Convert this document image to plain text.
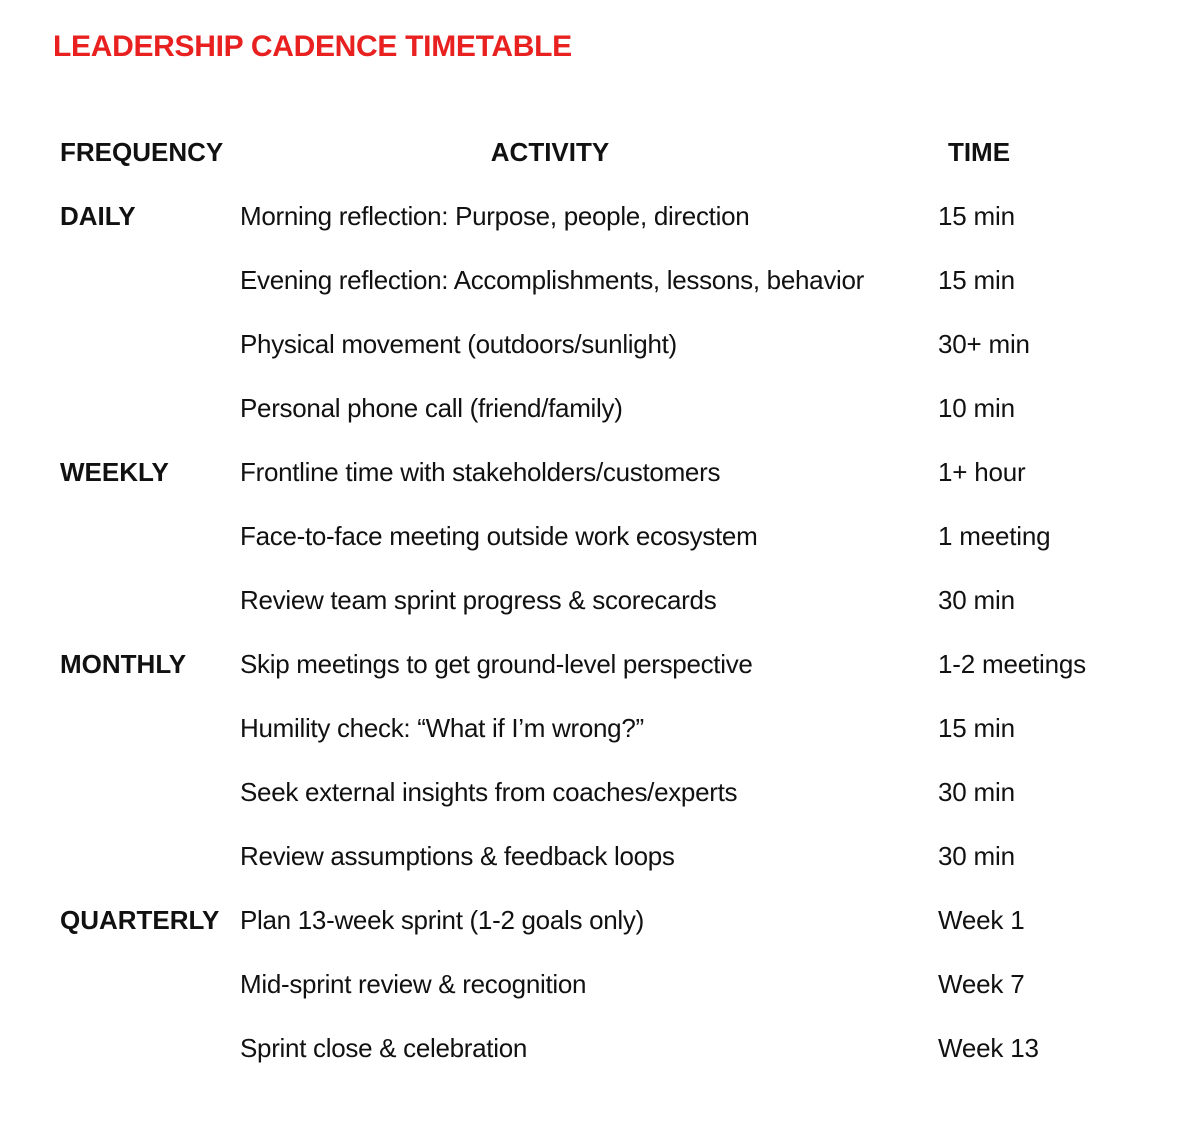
LEADERSHIP CADENCE TIMETABLE
FREQUENCY	ACTIVITY	TIME
DAILY	Morning reflection: Purpose, people, direction	15 min
	Evening reflection: Accomplishments, lessons, behavior	15 min
	Physical movement (outdoors/sunlight)	30+ min
	Personal phone call (friend/family)	10 min
WEEKLY	Frontline time with stakeholders/customers	1+ hour
	Face-to-face meeting outside work ecosystem	1 meeting
	Review team sprint progress & scorecards	30 min
MONTHLY	Skip meetings to get ground-level perspective	1-2 meetings
	Humility check: “What if I’m wrong?”	15 min
	Seek external insights from coaches/experts	30 min
	Review assumptions & feedback loops	30 min
QUARTERLY	Plan 13-week sprint (1-2 goals only)	Week 1
	Mid-sprint review & recognition	Week 7
	Sprint close & celebration	Week 13
